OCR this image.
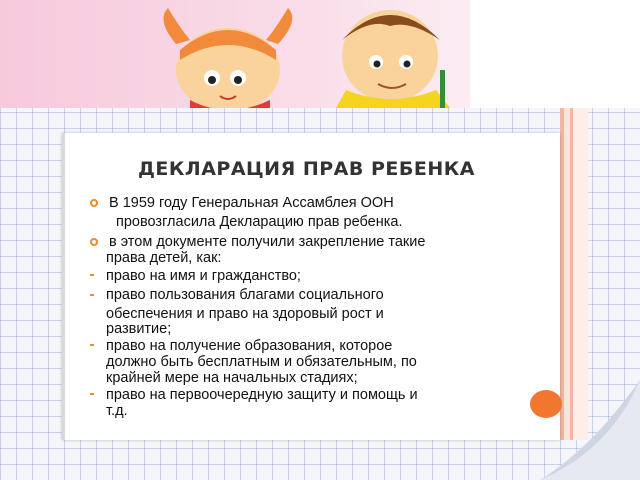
ДЕКЛАРАЦИЯ ПРАВ РЕБЕНКА
В 1959 году Генеральная Ассамблея ООН
провозгласила Декларацию прав ребенка.
в этом документе получили закрепление такие
права детей, как:
право на имя и гражданство;
право пользования благами социального
обеспечения и право на здоровый рост и
развитие;
право на получение образования, которое
должно быть бесплатным и обязательным, по
крайней мере на начальных стадиях;
право на первоочередную защиту и помощь и
т.д.
